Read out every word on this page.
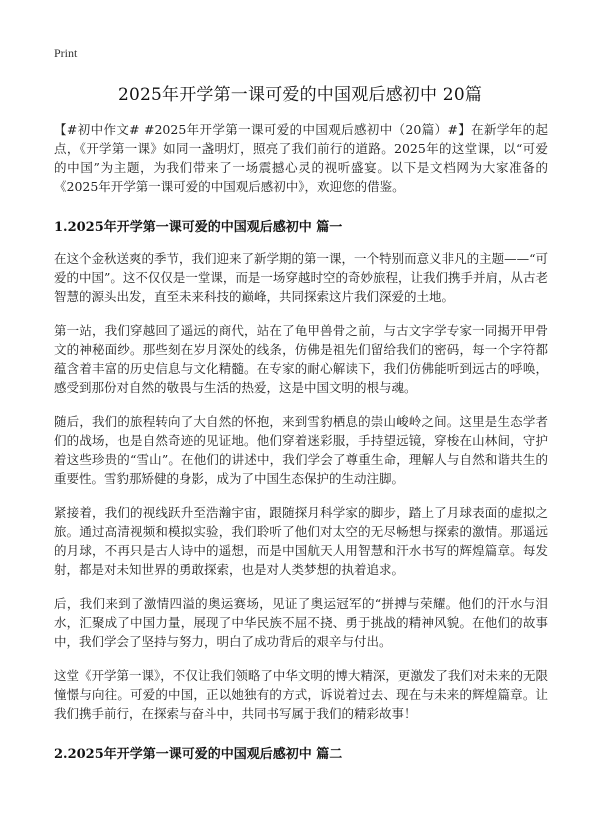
Print
2025年开学第一课可爱的中国观后感初中 20篇

【#初中作文# #2025年开学第一课可爱的中国观后感初中（20篇）#】在新学年的起点，《开学第一课》如同一盏明灯，照亮了我们前行的道路。2025年的这堂课，以“可爱的中国”为主题，为我们带来了一场震撼心灵的视听盛宴。以下是文档网为大家准备的《2025年开学第一课可爱的中国观后感初中》，欢迎您的借鉴。

1.2025年开学第一课可爱的中国观后感初中 篇一

在这个金秋送爽的季节，我们迎来了新学期的第一课，一个特别而意义非凡的主题——“可爱的中国”。这不仅仅是一堂课，而是一场穿越时空的奇妙旅程，让我们携手并肩，从古老智慧的源头出发，直至未来科技的巅峰，共同探索这片我们深爱的土地。

第一站，我们穿越回了遥远的商代，站在了龟甲兽骨之前，与古文字学专家一同揭开甲骨文的神秘面纱。那些刻在岁月深处的线条，仿佛是祖先们留给我们的密码，每一个字符都蕴含着丰富的历史信息与文化精髓。在专家的耐心解读下，我们仿佛能听到远古的呼唤，感受到那份对自然的敬畏与生活的热爱，这是中国文明的根与魂。

随后，我们的旅程转向了大自然的怀抱，来到雪豹栖息的崇山峻岭之间。这里是生态学者们的战场，也是自然奇迹的见证地。他们穿着迷彩服，手持望远镜，穿梭在山林间，守护着这些珍贵的“雪山”。在他们的讲述中，我们学会了尊重生命，理解人与自然和谐共生的重要性。雪豹那矫健的身影，成为了中国生态保护的生动注脚。

紧接着，我们的视线跃升至浩瀚宇宙，跟随探月科学家的脚步，踏上了月球表面的虚拟之旅。通过高清视频和模拟实验，我们聆听了他们对太空的无尽畅想与探索的激情。那遥远的月球，不再只是古人诗中的遥想，而是中国航天人用智慧和汗水书写的辉煌篇章。每发射，都是对未知世界的勇敢探索，也是对人类梦想的执着追求。

后，我们来到了激情四溢的奥运赛场，见证了奥运冠军的“拼搏与荣耀。他们的汗水与泪水，汇聚成了中国力量，展现了中华民族不屈不挠、勇于挑战的精神风貌。在他们的故事中，我们学会了坚持与努力，明白了成功背后的艰辛与付出。

这堂《开学第一课》，不仅让我们领略了中华文明的博大精深，更激发了我们对未来的无限憧憬与向往。可爱的中国，正以她独有的方式，诉说着过去、现在与未来的辉煌篇章。让我们携手前行，在探索与奋斗中，共同书写属于我们的精彩故事！

2.2025年开学第一课可爱的中国观后感初中 篇二
